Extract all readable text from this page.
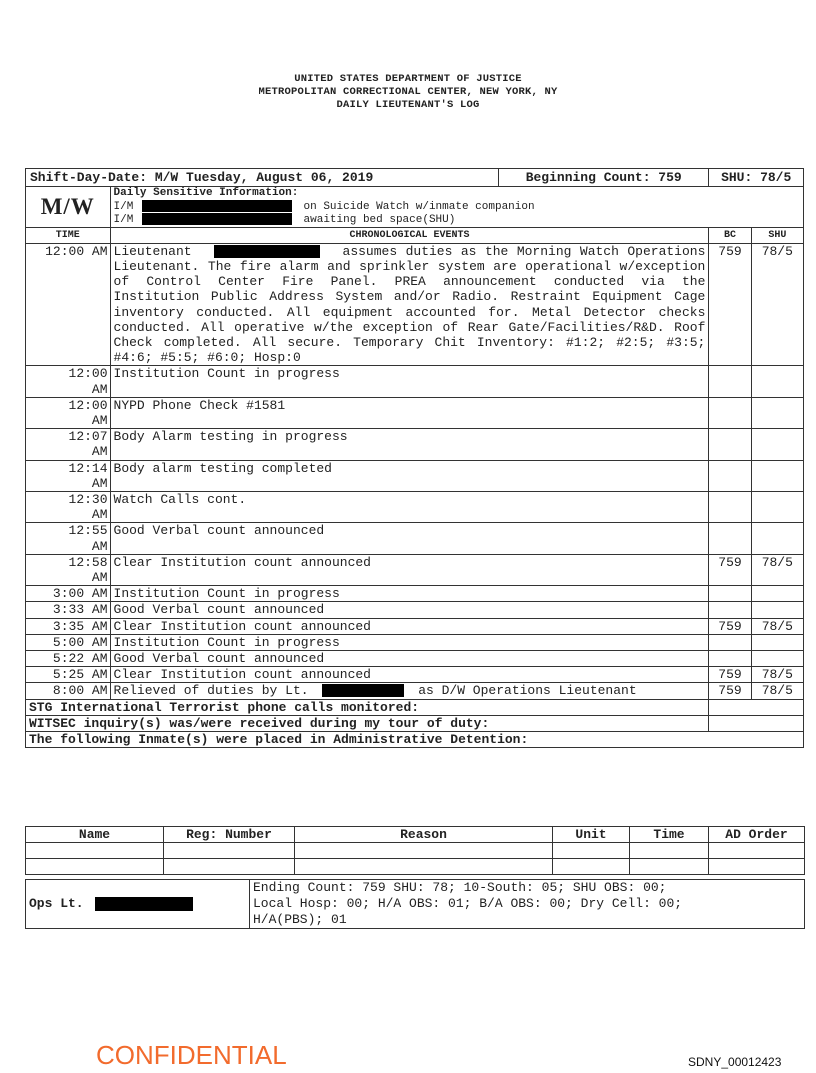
UNITED STATES DEPARTMENT OF JUSTICE
METROPOLITAN CORRECTIONAL CENTER, NEW YORK, NY
DAILY LIEUTENANT'S LOG
Shift-Day-Date: M/W Tuesday, August 06, 2019		Beginning Count: 759	SHU: 78/5	
M/W	Daily Sensitive Information:
I/M on Suicide Watch w/inmate companion
I/M awaiting bed space(SHU)			

TIME	CHRONOLOGICAL EVENTS		BC	SHU
12:00 AM	Lieutenant assumes duties as the Morning Watch Operations Lieutenant. The fire alarm and sprinkler system are operational w/exception of Control Center Fire Panel. PREA announcement conducted via the Institution Public Address System and/or Radio. Restraint Equipment Cage inventory conducted. All equipment accounted for. Metal Detector checks conducted. All operative w/the exception of Rear Gate/Facilities/R&D. Roof Check completed. All secure. Temporary Chit Inventory: #1:2; #2:5; #3:5; #4:6; #5:5; #6:0; Hosp:0		759	78/5
12:00
AM	Institution Count in progress			
12:00
AM	NYPD Phone Check #1581			
12:07
AM	Body Alarm testing in progress			
12:14
AM	Body alarm testing completed			
12:30
AM	Watch Calls cont.			
12:55
AM	Good Verbal count announced			
12:58
AM	Clear Institution count announced		759	78/5
3:00 AM	Institution Count in progress			
3:33 AM	Good Verbal count announced			
3:35 AM	Clear Institution count announced		759	78/5
5:00 AM	Institution Count in progress			
5:22 AM	Good Verbal count announced			
5:25 AM	Clear Institution count announced		759	78/5
8:00 AM	Relieved of duties by Lt. as D/W Operations Lieutenant		759	78/5
STG International Terrorist phone calls monitored:				
WITSEC inquiry(s) was/were received during my tour of duty:				
The following Inmate(s) were placed in Administrative Detention:				
Name	Reg: Number	Reason	Unit	Time	AD Order

Ops Lt.	
Ending Count: 759 SHU: 78; 10-South: 05; SHU OBS: 00;
Local Hosp: 00; H/A OBS: 01; B/A OBS: 00; Dry Cell: 00;
H/A(PBS); 01
CONFIDENTIAL	SDNY_00012423
